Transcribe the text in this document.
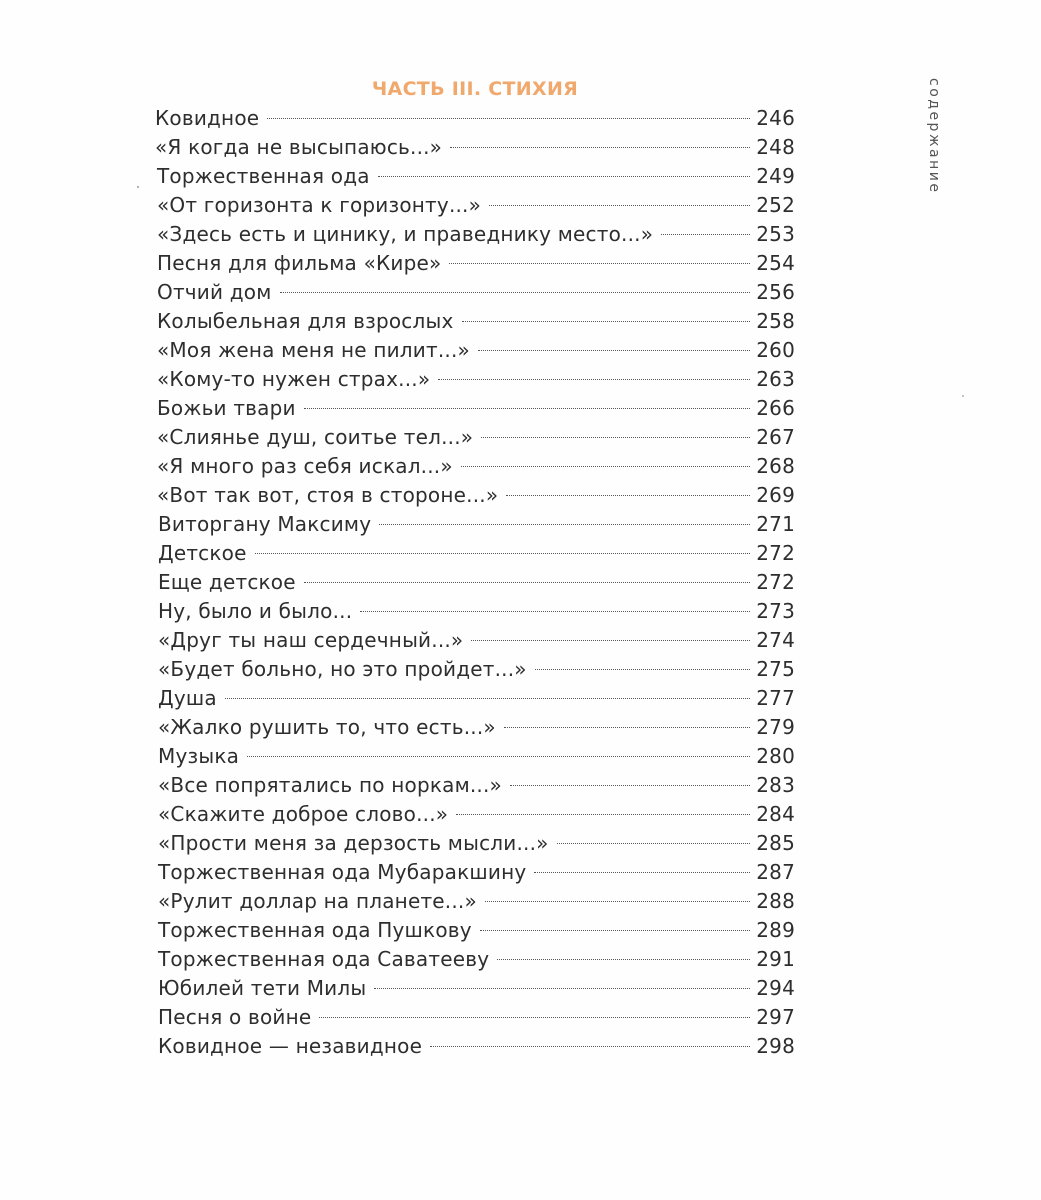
ЧАСТЬ III. СТИХИЯ	содержание
Ковидное	246
«Я когда не высыпаюсь...»	248
Торжественная ода	249
«От горизонта к горизонту...»	252
«Здесь есть и цинику, и праведнику место...»	253
Песня для фильма «Кире»	254
Отчий дом	256
Колыбельная для взрослых	258
«Моя жена меня не пилит...»	260
«Кому-то нужен страх...»	263
Божьи твари	266
«Слиянье душ, соитье тел...»	267
«Я много раз себя искал...»	268
«Вот так вот, стоя в стороне...»	269
Виторгану Максиму	271
Детское	272
Еще детское	272
Ну, было и было...	273
«Друг ты наш сердечный...»	274
«Будет больно, но это пройдет...»	275
Душа	277
«Жалко рушить то, что есть...»	279
Музыка	280
«Все попрятались по норкам...»	283
«Скажите доброе слово...»	284
«Прости меня за дерзость мысли...»	285
Торжественная ода Мубаракшину	287
«Рулит доллар на планете...»	288
Торжественная ода Пушкову	289
Торжественная ода Саватееву	291
Юбилей тети Милы	294
Песня о войне	297
Ковидное — незавидное	298
